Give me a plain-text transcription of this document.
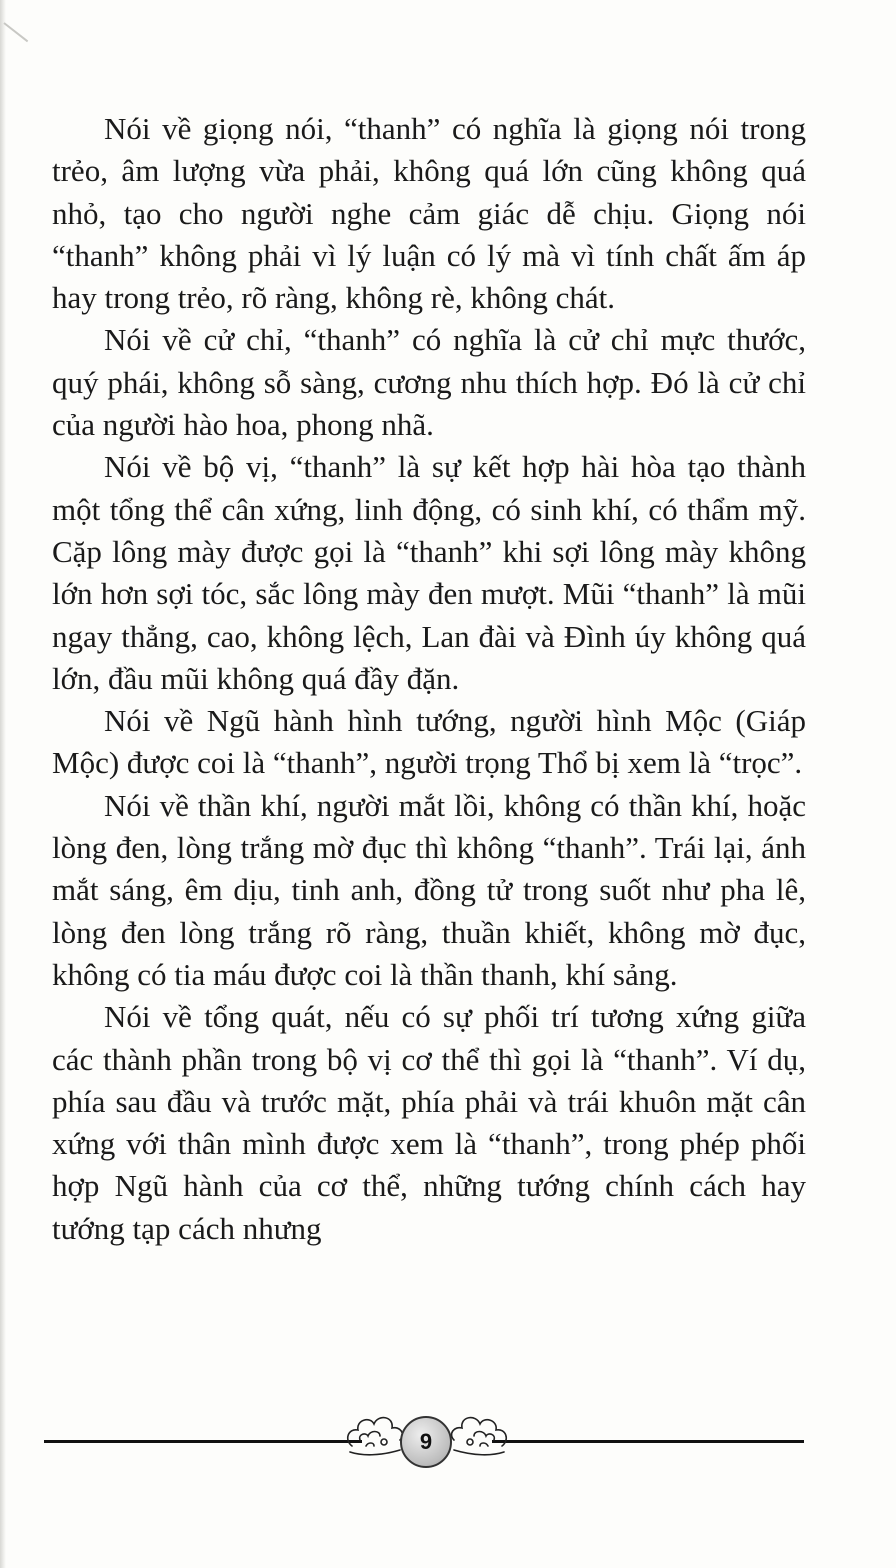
Nói về giọng nói, “thanh” có nghĩa là giọng nói trong trẻo, âm lượng vừa phải, không quá lớn cũng không quá nhỏ, tạo cho người nghe cảm giác dễ chịu. Giọng nói “thanh” không phải vì lý luận có lý mà vì tính chất ấm áp hay trong trẻo, rõ ràng, không rè, không chát.

Nói về cử chỉ, “thanh” có nghĩa là cử chỉ mực thước, quý phái, không sỗ sàng, cương nhu thích hợp. Đó là cử chỉ của người hào hoa, phong nhã.

Nói về bộ vị, “thanh” là sự kết hợp hài hòa tạo thành một tổng thể cân xứng, linh động, có sinh khí, có thẩm mỹ. Cặp lông mày được gọi là “thanh” khi sợi lông mày không lớn hơn sợi tóc, sắc lông mày đen mượt. Mũi “thanh” là mũi ngay thẳng, cao, không lệch, Lan đài và Đình úy không quá lớn, đầu mũi không quá đầy đặn.

Nói về Ngũ hành hình tướng, người hình Mộc (Giáp Mộc) được coi là “thanh”, người trọng Thổ bị xem là “trọc”.

Nói về thần khí, người mắt lồi, không có thần khí, hoặc lòng đen, lòng trắng mờ đục thì không “thanh”. Trái lại, ánh mắt sáng, êm dịu, tinh anh, đồng tử trong suốt như pha lê, lòng đen lòng trắng rõ ràng, thuần khiết, không mờ đục, không có tia máu được coi là thần thanh, khí sảng.

Nói về tổng quát, nếu có sự phối trí tương xứng giữa các thành phần trong bộ vị cơ thể thì gọi là “thanh”. Ví dụ, phía sau đầu và trước mặt, phía phải và trái khuôn mặt cân xứng với thân mình được xem là “thanh”, trong phép phối hợp Ngũ hành của cơ thể, những tướng chính cách hay tướng tạp cách nhưng

9
